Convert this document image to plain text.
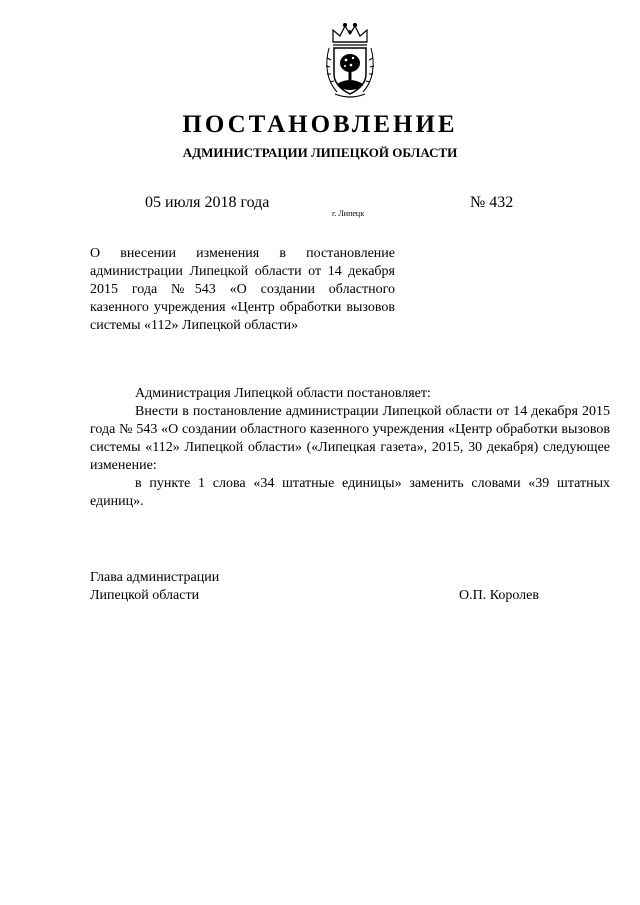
ПОСТАНОВЛЕНИЕ
АДМИНИСТРАЦИИ ЛИПЕЦКОЙ ОБЛАСТИ
05 июля 2018 года
г. Липецк
№ 432
О внесении изменения в постановление администрации Липецкой области от 14 декабря 2015 года №543 «О создании областного казенного учреждения «Центр обработки вызовов системы «112» Липецкой области»

Администрация Липецкой области постановляет:

Внести в постановление администрации Липецкой области от 14 декабря 2015 года № 543 «О создании областного казенного учреждения «Центр обработки вызовов системы «112» Липецкой области» («Липецкая газета», 2015, 30 декабря) следующее изменение:

в пункте 1 слова «34 штатные единицы» заменить словами «39 штатных единиц».

Глава администрации
Липецкой области	О.П. Королев
